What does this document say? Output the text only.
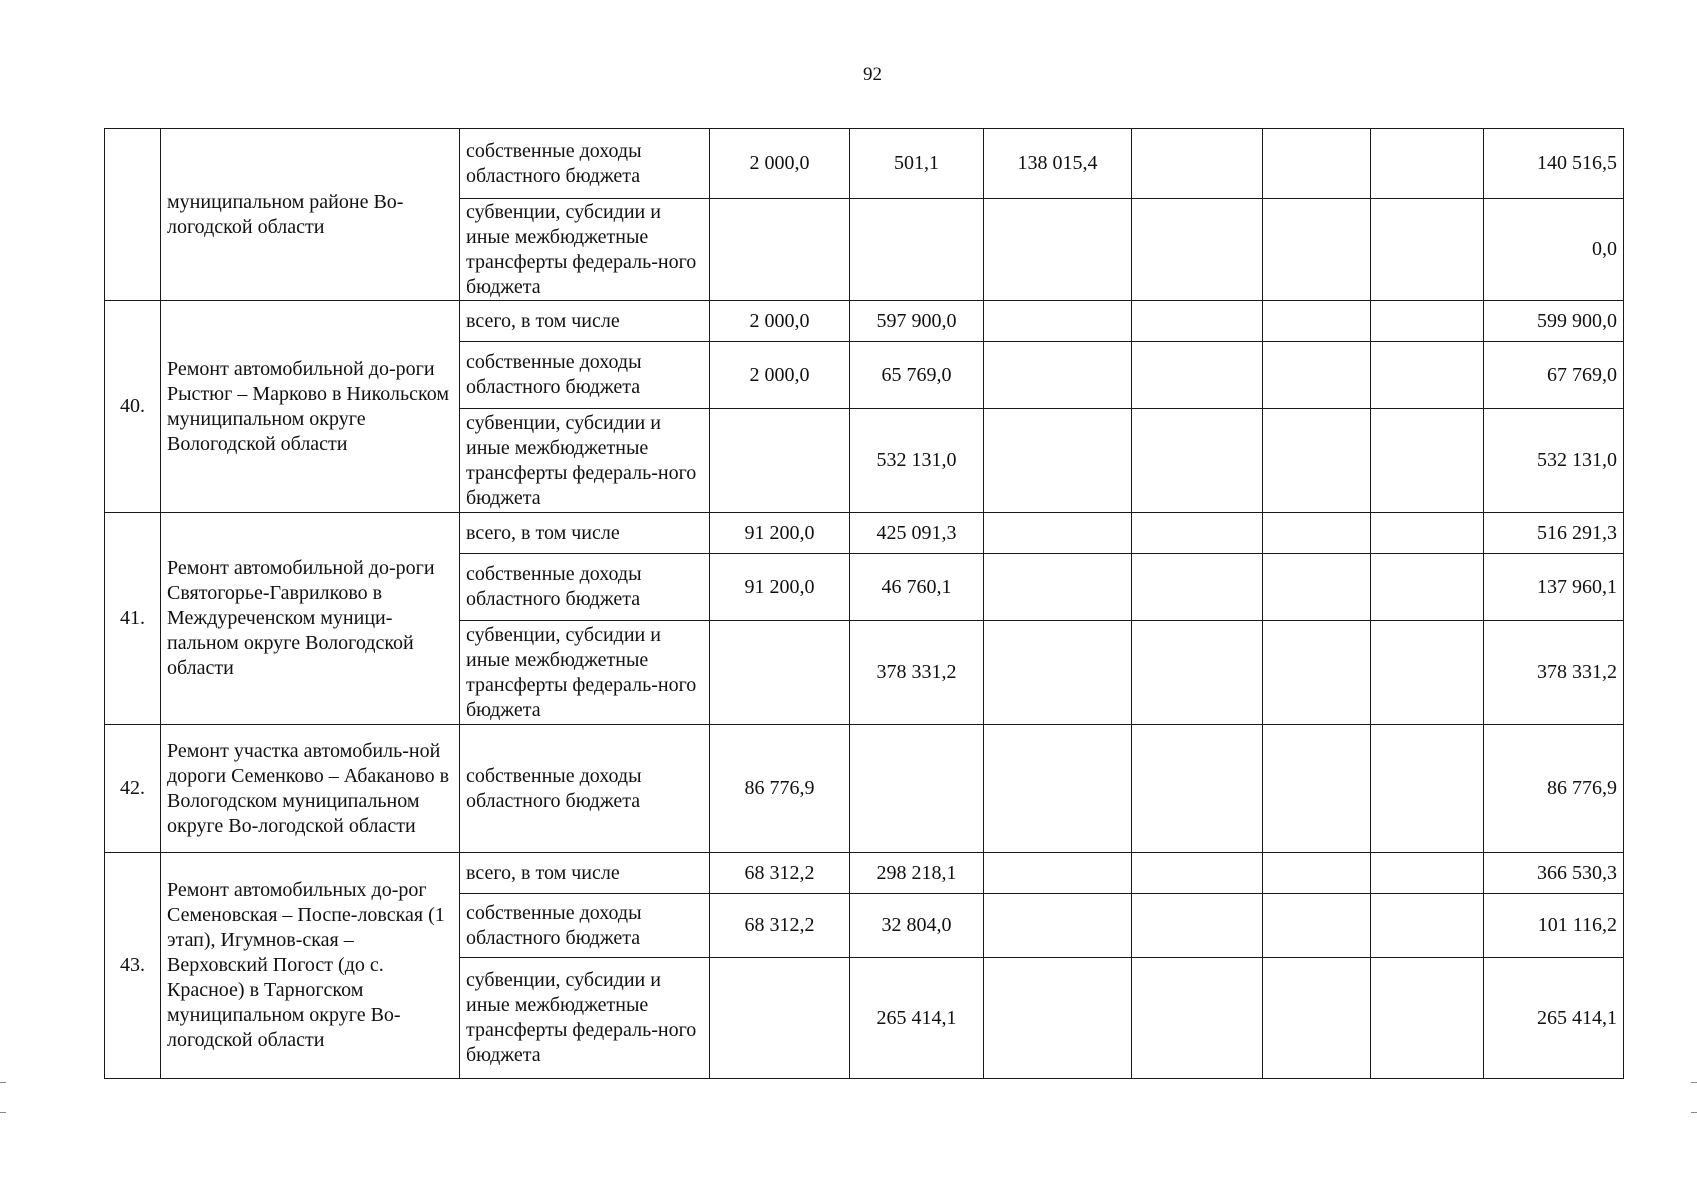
92
	муниципальном районе Во-логодской области	собственные доходы областного бюджета	2 000,0	501,1	138 015,4				140 516,5
		субвенции, субсидии и иные межбюджетные трансферты федераль-ного бюджета							0,0
40.	Ремонт автомобильной до-роги Рыстюг – Марково в Никольском муниципальном округе Вологодской области	всего, в том числе	2 000,0	597 900,0					599 900,0
		собственные доходы областного бюджета	2 000,0	65 769,0					67 769,0
		субвенции, субсидии и иные межбюджетные трансферты федераль-ного бюджета		532 131,0					532 131,0
41.	Ремонт автомобильной до-роги Святогорье-Гаврилково в Междуреченском муници-пальном округе Вологодской области	всего, в том числе	91 200,0	425 091,3					516 291,3
		собственные доходы областного бюджета	91 200,0	46 760,1					137 960,1
		субвенции, субсидии и иные межбюджетные трансферты федераль-ного бюджета		378 331,2					378 331,2
42.	Ремонт участка автомобиль-ной дороги Семенково – Абаканово в Вологодском муниципальном округе Во-логодской области	собственные доходы областного бюджета	86 776,9						86 776,9
43.	Ремонт автомобильных до-рог Семеновская – Поспе-ловская (1 этап), Игумнов-ская – Верховский Погост (до с. Красное) в Тарногском муниципальном округе Во-логодской области	всего, в том числе	68 312,2	298 218,1					366 530,3
		собственные доходы областного бюджета	68 312,2	32 804,0					101 116,2
		субвенции, субсидии и иные межбюджетные трансферты федераль-ного бюджета		265 414,1					265 414,1
